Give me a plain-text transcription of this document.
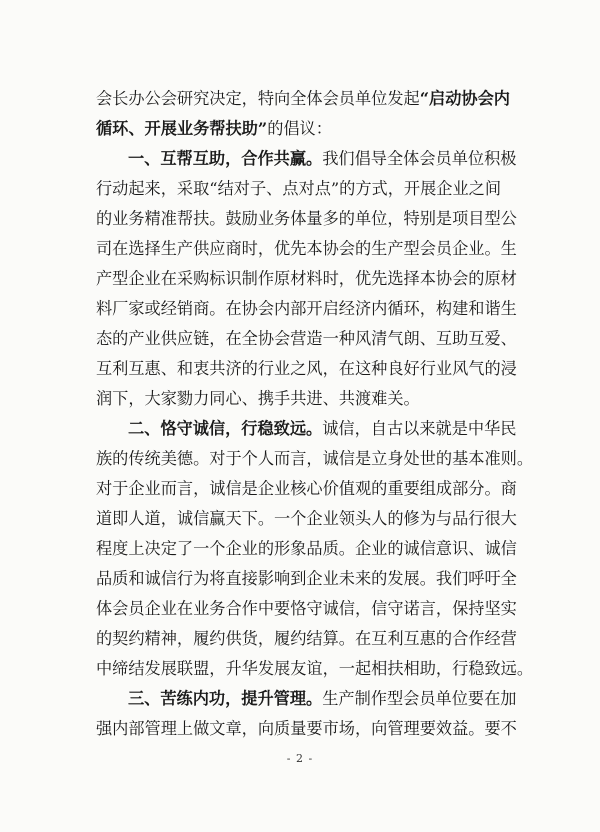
会长办公会研究决定，特向全体会员单位发起“启动协会内
循环、开展业务帮扶助”的倡议：
一、互帮互助，合作共赢。我们倡导全体会员单位积极
行动起来，采取“结对子、点对点”的方式，开展企业之间
的业务精准帮扶。鼓励业务体量多的单位，特别是项目型公
司在选择生产供应商时，优先本协会的生产型会员企业。生
产型企业在采购标识制作原材料时，优先选择本协会的原材
料厂家或经销商。在协会内部开启经济内循环，构建和谐生
态的产业供应链，在全协会营造一种风清气朗、互助互爱、
互利互惠、和衷共济的行业之风，在这种良好行业风气的浸
润下，大家勠力同心、携手共进、共渡难关。
二、恪守诚信，行稳致远。诚信，自古以来就是中华民
族的传统美德。对于个人而言，诚信是立身处世的基本准则。
对于企业而言，诚信是企业核心价值观的重要组成部分。商
道即人道，诚信赢天下。一个企业领头人的修为与品行很大
程度上决定了一个企业的形象品质。企业的诚信意识、诚信
品质和诚信行为将直接影响到企业未来的发展。我们呼吁全
体会员企业在业务合作中要恪守诚信，信守诺言，保持坚实
的契约精神，履约供货，履约结算。在互利互惠的合作经营
中缔结发展联盟，升华发展友谊，一起相扶相助，行稳致远。
三、苦练内功，提升管理。生产制作型会员单位要在加
强内部管理上做文章，向质量要市场，向管理要效益。要不
- 2 -
